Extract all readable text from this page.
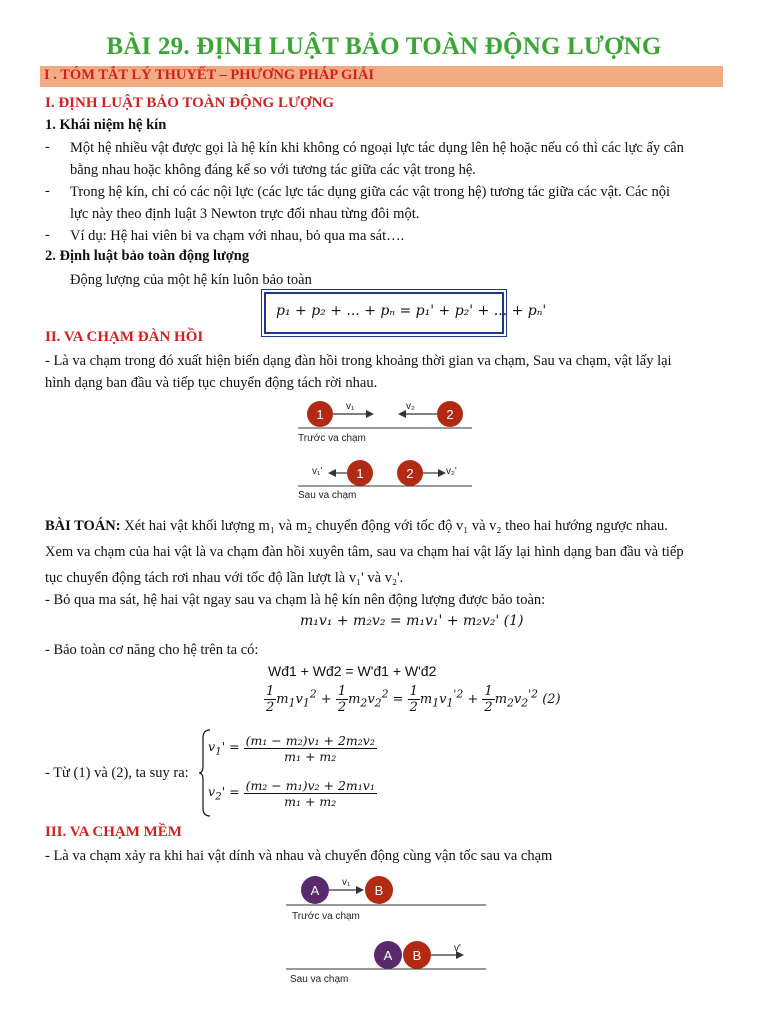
BÀI 29. ĐỊNH LUẬT BẢO TOÀN ĐỘNG LƯỢNG
I . TÓM TẮT LÝ THUYẾT – PHƯƠNG PHÁP GIẢI
I. ĐỊNH LUẬT BẢO TOÀN ĐỘNG LƯỢNG
1. Khái niệm hệ kín
- Một hệ nhiều vật được gọi là hệ kín khi không có ngoại lực tác dụng lên hệ hoặc nếu có thì các lực ấy cân
bằng nhau hoặc không đáng kể so với tương tác giữa các vật trong hệ.
- Trong hệ kín, chỉ có các nội lực (các lực tác dụng giữa các vật trong hệ) tương tác giữa các vật. Các nội
lực này theo định luật 3 Newton trực đối nhau từng đôi một.
- Ví dụ: Hệ hai viên bi va chạm với nhau, bỏ qua ma sát….
2. Định luật bảo toàn động lượng
Động lượng của một hệ kín luôn bảo toàn
p₁ + p₂ + ... + pₙ = p₁' + p₂' + ... + pₙ'
II. VA CHẠM ĐÀN HỒI
- Là va chạm trong đó xuất hiện biến dạng đàn hồi trong khoảng thời gian va chạm, Sau va chạm, vật lấy lại
hình dạng ban đầu và tiếp tục chuyển động tách rời nhau.
1
v₁
2
v₂
Trước va chạm
1
v₁'	2	v₂'
Sau va chạm
BÀI TOÁN: Xét hai vật khối lượng m₁ và m₂ chuyển động với tốc độ v₁ và v₂ theo hai hướng ngược nhau.
Xem va chạm của hai vật là va chạm đàn hồi xuyên tâm, sau va chạm hai vật lấy lại hình dạng ban đầu và tiếp
tục chuyển động tách rơi nhau với tốc độ lần lượt là v₁' và v₂'.
- Bỏ qua ma sát, hệ hai vật ngay sau va chạm là hệ kín nên động lượng được bảo toàn:
m₁v₁ + m₂v₂ = m₁v₁' + m₂v₂' (1)
- Bảo toàn cơ năng cho hệ trên ta có:
Wđ1 + Wđ2 = W'đ1 + W'đ2
$\frac{1}{2} m_1v_1^2 + \frac{1}{2} m_2v_2^2 = \frac{1}{2} m_1v_1^{'2} + \frac{1}{2} m_2v_2^{'2}$ (2)
- Từ (1) và (2), ta suy ra:
$v_1' = \frac{\text{(m₁ − m₂)v₁ + 2m₂v₂}}{\text{m₁ + m₂}}$
$v_2' = \frac{\text{(m₂ − m₁)v₂ + 2m₁v₁}}{\text{m₁ + m₂}}$
III. VA CHẠM MỀM
- Là va chạm xảy ra khi hai vật dính và nhau và chuyển động cùng vận tốc sau va chạm
A
v₁
B
Trước va chạm
A B	v'
Sau va chạm
